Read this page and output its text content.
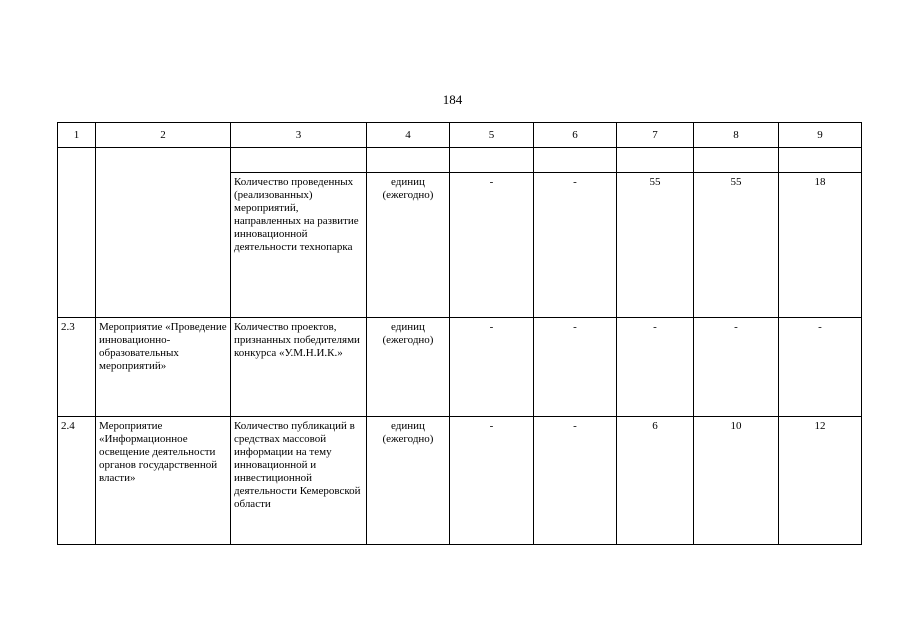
184
1	2	3	4	5	6	7	8	9

		Количество проведенных (реализованных) мероприятий, направленных на развитие инновационной деятельности технопарка	единиц (ежегодно)	-	-	55	55	18
2.3	Мероприятие «Проведение инновационно-образовательных мероприятий»	Количество проектов, признанных победителями конкурса «У.М.Н.И.К.»	единиц (ежегодно)	-	-	-	-	-
2.4	Мероприятие «Информационное освещение деятельности органов государственной власти»	Количество публикаций в средствах массовой информации на тему инновационной и инвестиционной деятельности Кемеровской области	единиц (ежегодно)	-	-	6	10	12
